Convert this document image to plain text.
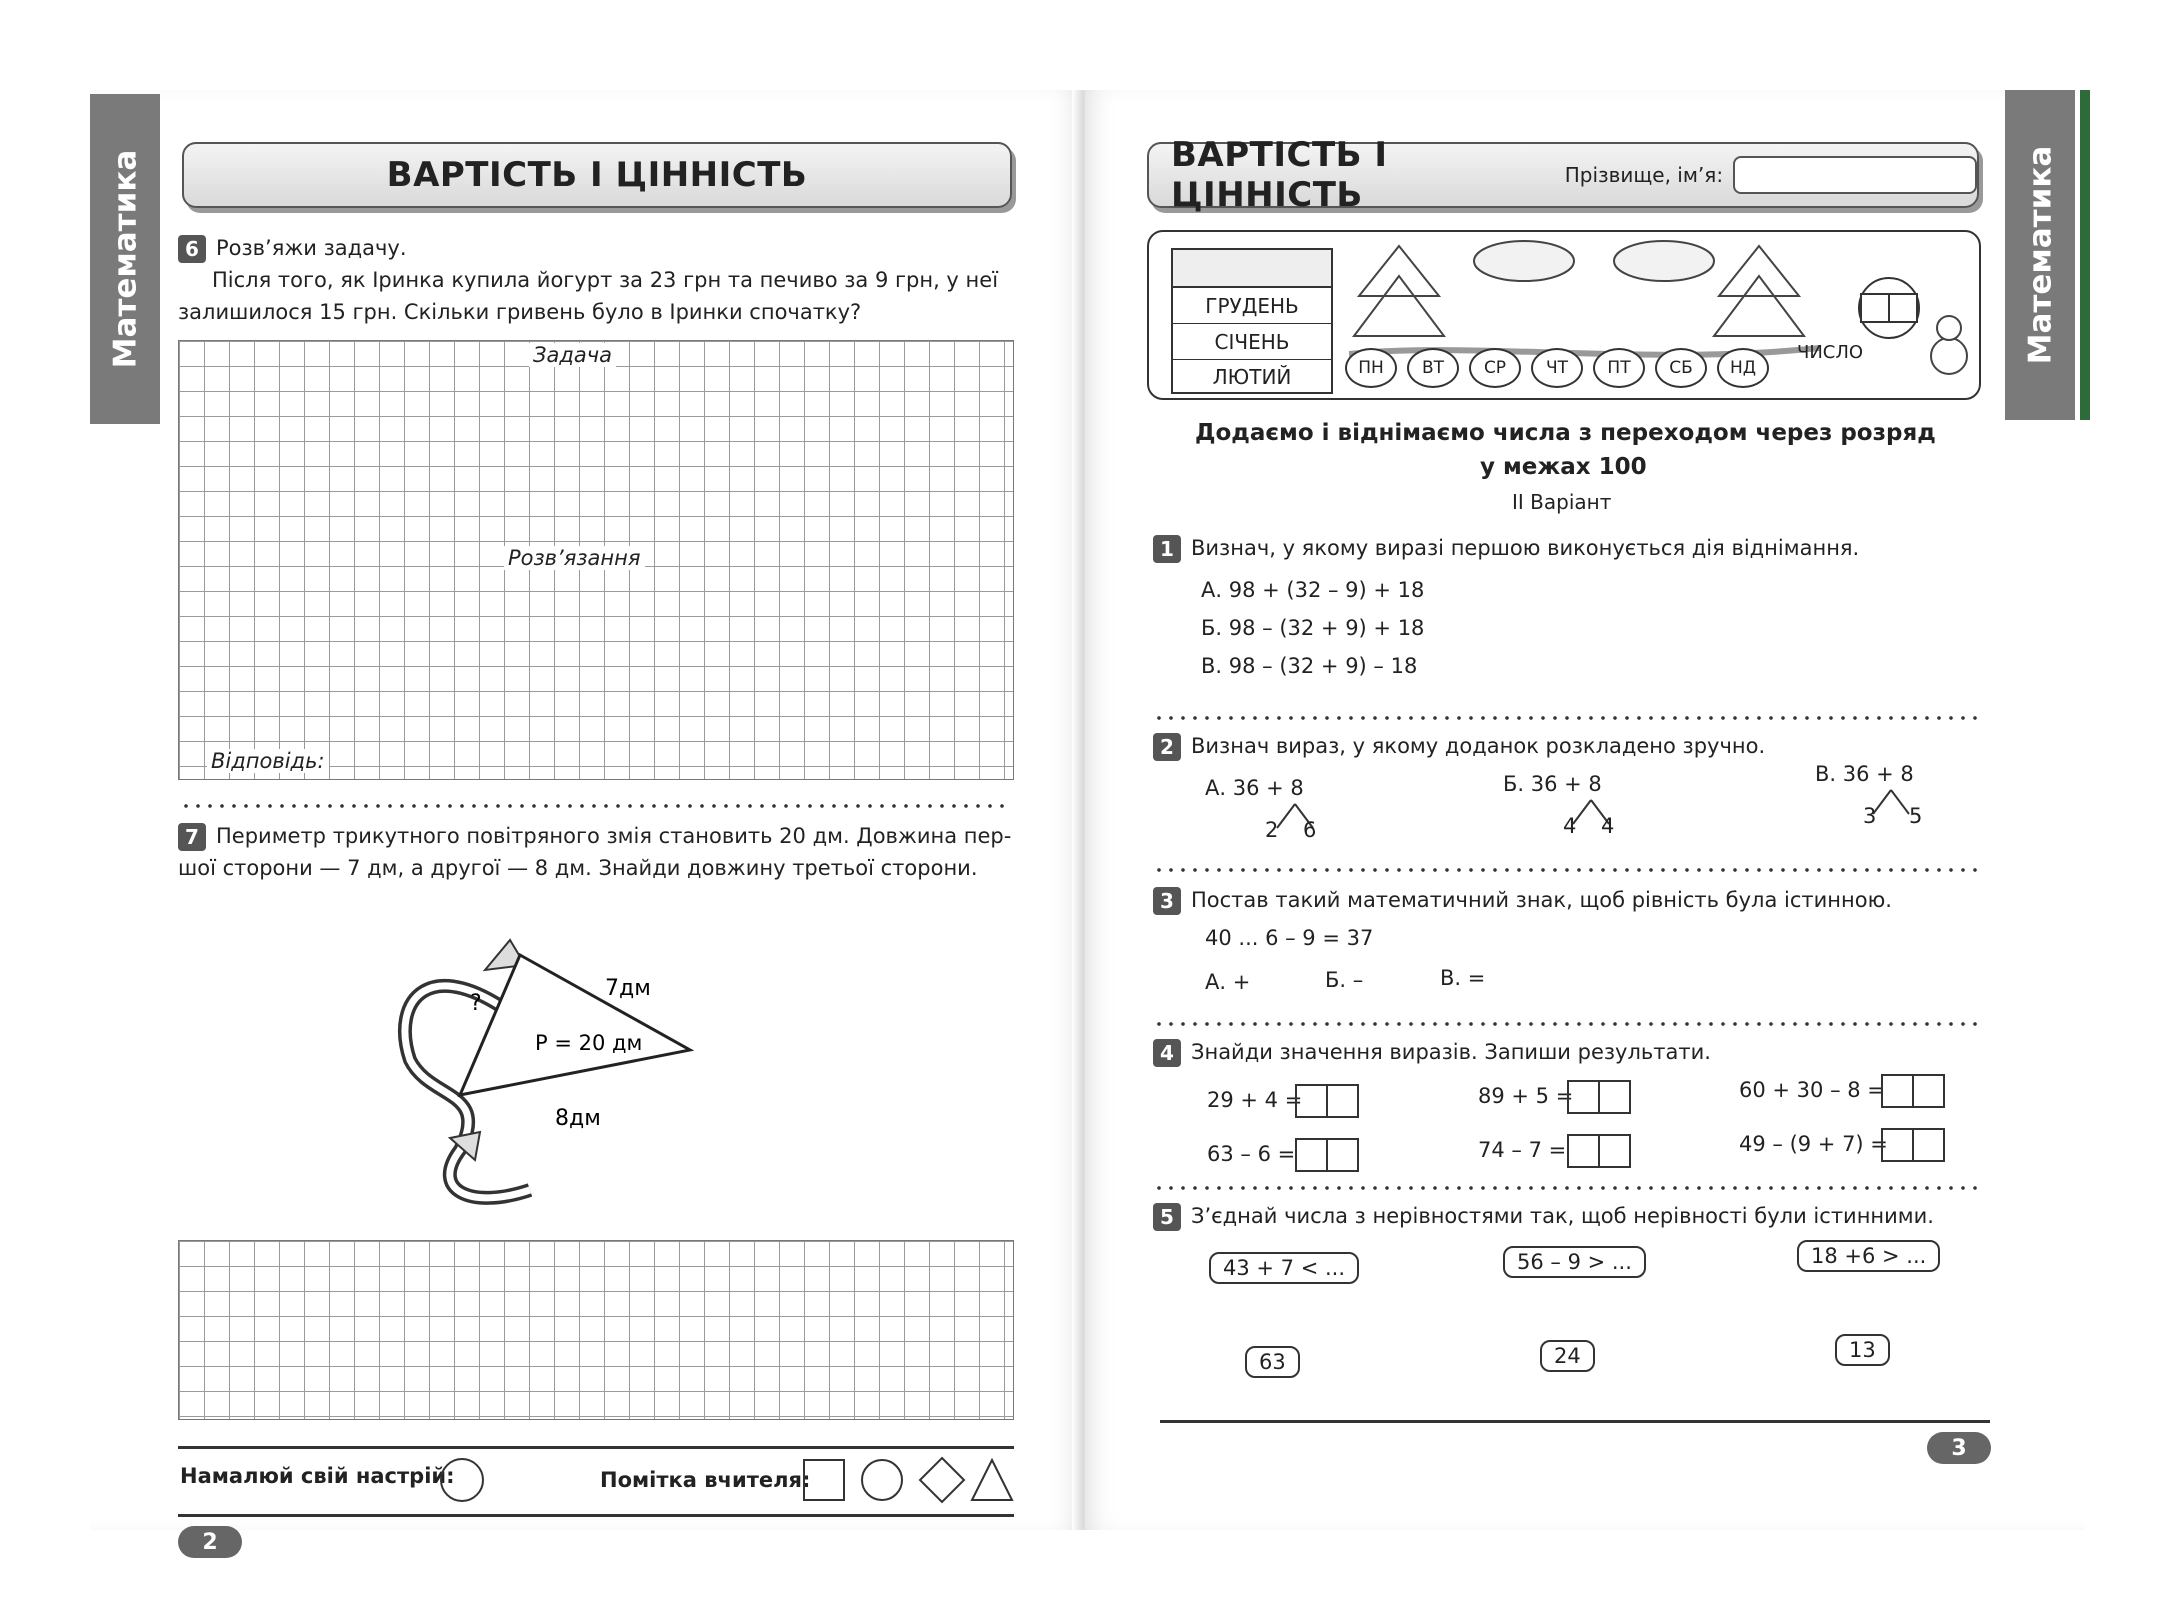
Математика	ВАРТІСТЬ І ЦІННІСТЬ
6 Розв’яжи задачу.
Після того, як Іринка купила йогурт за 23 грн та печиво за 9 грн, у неї
залишилося 15 грн. Скільки гривень було в Іринки спочатку?
Задача
Розв’язання
Відповідь:
7 Периметр трикутного повітряного змія становить 20 дм. Довжина пер-
шої сторони — 7 дм, а другої — 8 дм. Знайди довжину третьої сторони.
?
7дм
P = 20 дм
8дм
Намалюй свій настрій:	Помітка вчителя:
2
Математика
ВАРТІСТЬ І ЦІННІСТЬ	Прізвище, ім’я:
ГРУДЕНЬ
СІЧЕНЬ
ЛЮТИЙ	ПН	ВТ	СР	ЧТ	ПТ	СБ	НД
ЧИСЛО
Додаємо і віднімаємо числа з переходом через розряд
у межах 100
ІІ Варіант
1 Визнач, у якому виразі першою виконується дія віднімання.
А. 98 + (32 – 9) + 18
Б. 98 – (32 + 9) + 18
В. 98 – (32 + 9) – 18
2 Визнач вираз, у якому доданок розкладено зручно.
А. 36 + 8
2 6
Б. 36 + 8
4 4
В. 36 + 8
3 5
3 Постав такий математичний знак, щоб рівність була істинною.
40 ... 6 – 9 = 37
А. +	Б. –	В. =
4 Знайди значення виразів. Запиши результати.
29 + 4 =	89 + 5 =	60 + 30 – 8 =
63 – 6 =	74 – 7 =	49 – (9 + 7) =
5 З’єднай числа з нерівностями так, щоб нерівності були істинними.
43 + 7 < ...	56 – 9 > ...	18 +6 > ...
63	24	13
3
